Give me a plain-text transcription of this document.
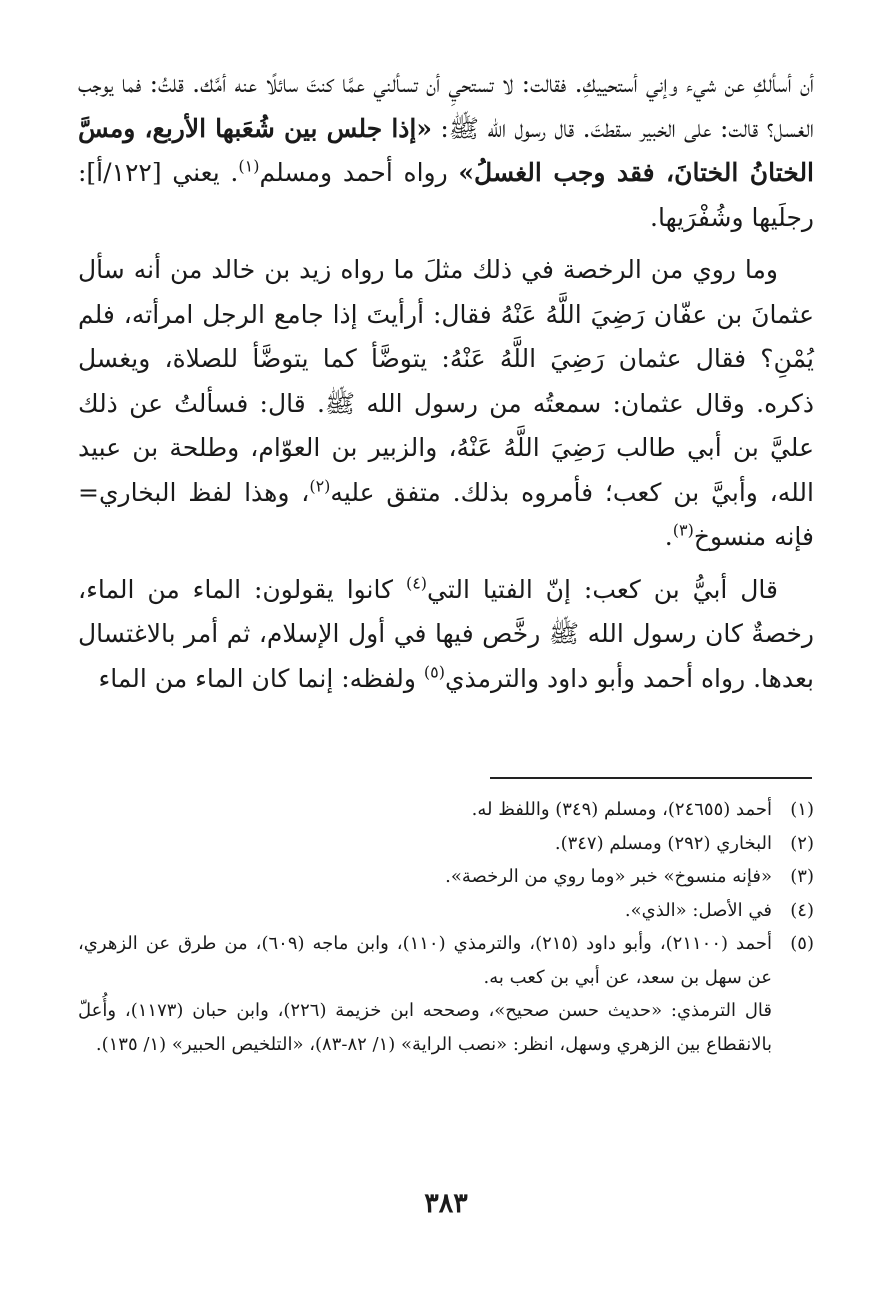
أن أسألكِ عن شيء وإني أستحييكِ. فقالت: لا تستحيِ أن تسألني عمَّا كنتَ سائلًا عنه أمَّك. قلتُ: فما يوجب الغسل؟ قالت: على الخبير سقطتَ. قال رسول الله ﷺ: «إذا جلس بين شُعَبها الأربع، ومسَّ الختانُ الختانَ، فقد وجب الغسلُ» رواه أحمد ومسلم$^{(١)}$. يعني [١٢٢/أ]: رجلَيها وشُفْرَيها.

وما روي من الرخصة في ذلك مثلَ ما رواه زيد بن خالد من أنه سأل عثمانَ بن عفّان رَضِيَ اللَّهُ عَنْهُ فقال: أرأيتَ إذا جامع الرجل امرأته، فلم يُمْنِ؟ فقال عثمان رَضِيَ اللَّهُ عَنْهُ: يتوضَّأ كما يتوضَّأ للصلاة، ويغسل ذكره. وقال عثمان: سمعتُه من رسول الله ﷺ. قال: فسألتُ عن ذلك عليَّ بن أبي طالب رَضِيَ اللَّهُ عَنْهُ، والزبير بن العوّام، وطلحة بن عبيد الله، وأبيَّ بن كعب؛ فأمروه بذلك. متفق عليه$^{(٢)}$، وهذا لفظ البخاري= فإنه منسوخ$^{(٣)}$.

قال أبيُّ بن كعب: إنّ الفتيا التي$^{(٤)}$ كانوا يقولون: الماء من الماء، رخصةٌ كان رسول الله ﷺ رخَّص فيها في أول الإسلام، ثم أمر بالاغتسال بعدها. رواه أحمد وأبو داود والترمذي$^{(٥)}$ ولفظه: إنما كان الماء من الماء

(١)
أحمد (٢٤٦٥٥)، ومسلم (٣٤٩) واللفظ له.
(٢)
البخاري (٢٩٢) ومسلم (٣٤٧).
(٣)
«فإنه منسوخ» خبر «وما روي من الرخصة».
(٤)
في الأصل: «الذي».
(٥)
أحمد (٢١١٠٠)، وأبو داود (٢١٥)، والترمذي (١١٠)، وابن ماجه (٦٠٩)، من طرق عن الزهري، عن سهل بن سعد، عن أبي بن كعب به.
قال الترمذي: «حديث حسن صحيح»، وصححه ابن خزيمة (٢٢٦)، وابن حبان (١١٧٣)، وأُعلّ بالانقطاع بين الزهري وسهل، انظر: «نصب الراية» (١/ ٨٢-٨٣)، «التلخيص الحبير» (١/ ١٣٥).
٣٨٣
